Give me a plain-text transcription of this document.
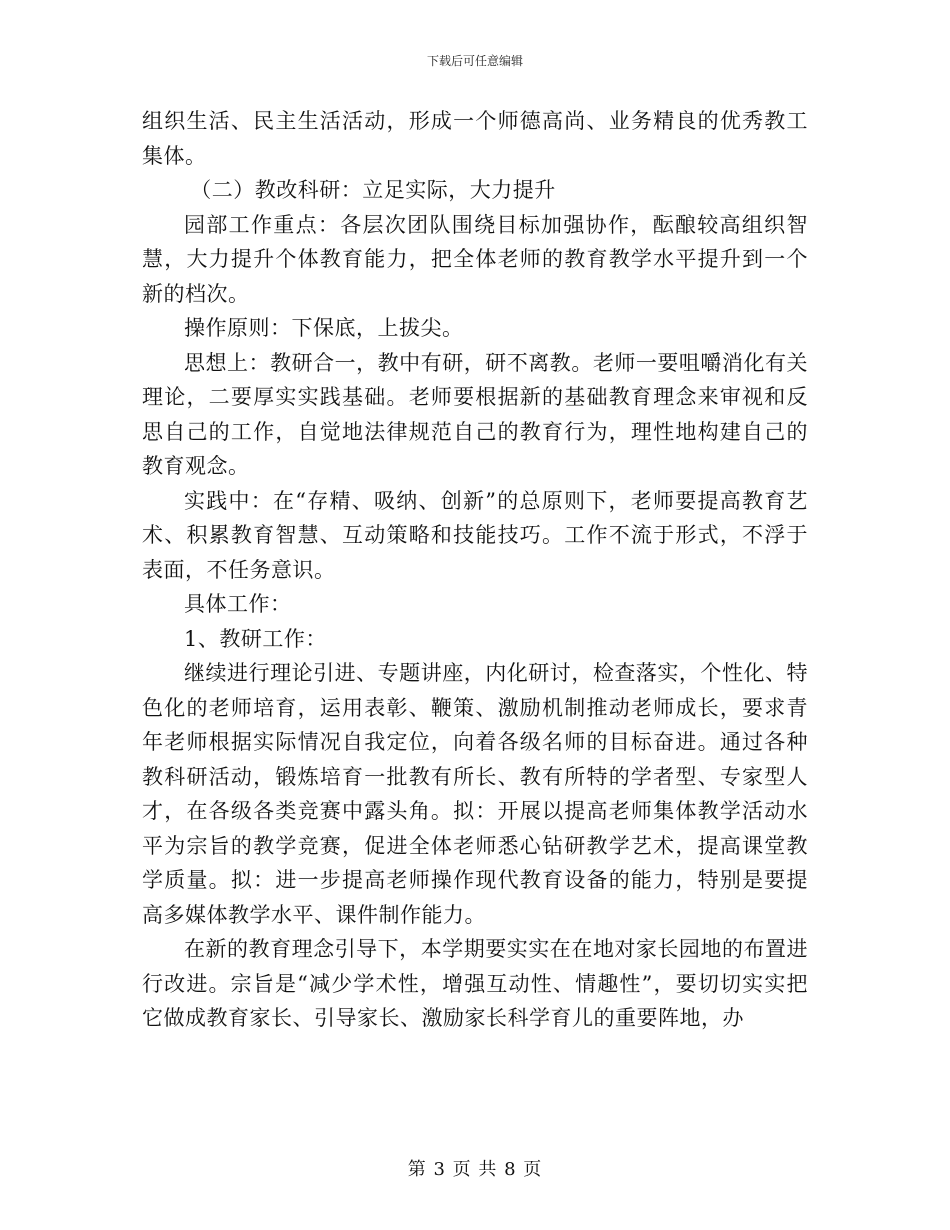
下载后可任意编辑

组织生活、民主生活活动，形成一个师德高尚、业务精良的优秀教工集体。

（二）教改科研：立足实际，大力提升

园部工作重点：各层次团队围绕目标加强协作，酝酿较高组织智慧，大力提升个体教育能力，把全体老师的教育教学水平提升到一个新的档次。

操作原则：下保底，上拔尖。

思想上：教研合一，教中有研，研不离教。老师一要咀嚼消化有关理论，二要厚实实践基础。老师要根据新的基础教育理念来审视和反思自己的工作，自觉地法律规范自己的教育行为，理性地构建自己的教育观念。

实践中：在“存精、吸纳、创新”的总原则下，老师要提高教育艺术、积累教育智慧、互动策略和技能技巧。工作不流于形式，不浮于表面，不任务意识。

具体工作：

1、教研工作：

继续进行理论引进、专题讲座，内化研讨，检查落实，个性化、特色化的老师培育，运用表彰、鞭策、激励机制推动老师成长，要求青年老师根据实际情况自我定位，向着各级名师的目标奋进。通过各种教科研活动，锻炼培育一批教有所长、教有所特的学者型、专家型人才，在各级各类竞赛中露头角。拟：开展以提高老师集体教学活动水平为宗旨的教学竞赛，促进全体老师悉心钻研教学艺术，提高课堂教学质量。拟：进一步提高老师操作现代教育设备的能力，特别是要提高多媒体教学水平、课件制作能力。

在新的教育理念引导下，本学期要实实在在地对家长园地的布置进行改进。宗旨是“减少学术性，增强互动性、情趣性”，要切切实实把它做成教育家长、引导家长、激励家长科学育儿的重要阵地，办

第 3 页 共 8 页
